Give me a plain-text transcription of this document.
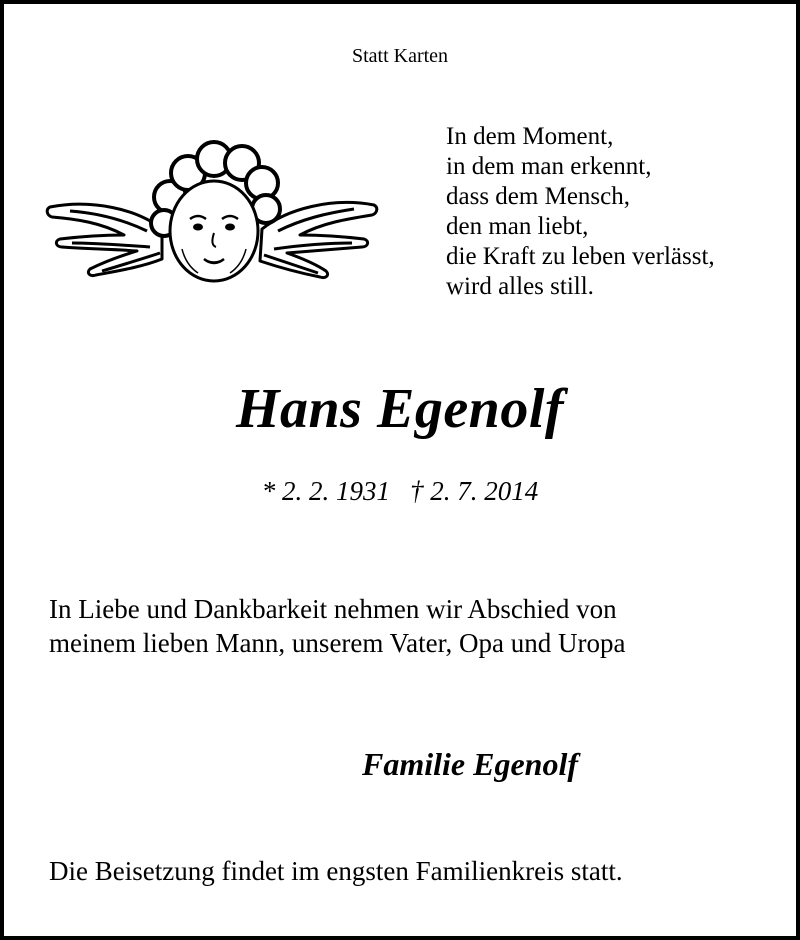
Statt Karten
In dem Moment,
in dem man erkennt,
dass dem Mensch,
den man liebt,
die Kraft zu leben verlässt,
wird alles still.
Hans Egenolf
* 2. 2. 1931 † 2. 7. 2014
In Liebe und Dankbarkeit nehmen wir Abschied von
meinem lieben Mann, unserem Vater, Opa und Uropa
Familie Egenolf
Die Beisetzung findet im engsten Familienkreis statt.
